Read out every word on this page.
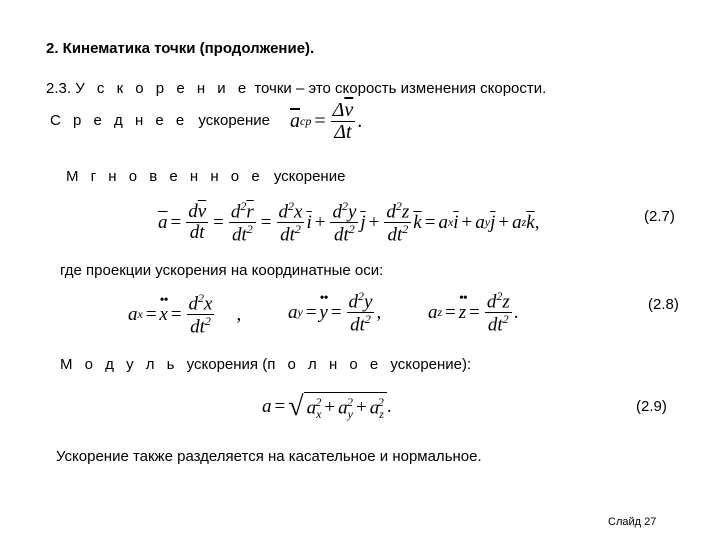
2. Кинематика точки (продолжение).
2.3. У с к о р е н и е точки – это скорость изменения скорости.
С р е д н е е ускорение $\overline{a}$ ср = $\frac{\Delta\overline{v}}{\Delta t}$ .
М г н о в е н н о е ускорение
$\overline{a} = \frac{d\overline{v}}{dt} = \frac{d^2\overline{r}}{dt^2} = \frac{d^2x}{dt^2} \overline{i} + \frac{d^2y}{dt^2} \overline{j} + \frac{d^2z}{dt^2} \overline{k} = a$ x $\overline{i} + a$ y $\overline{j} + a$ z $\overline{k}$ ,	(2.7)
где проекции ускорения на координатные оси:
a x =
••
$x = \frac{d^2x}{dt^2}$ , a y =
••
$y = \frac{d^2y}{dt^2}$ , a z =
••
$z = \frac{d^2z}{dt^2}$ .	(2.8)
М о д у л ь ускорения (п о л н о е ускорение):
a = √ $a_x^2 + a_y^2 + a_z^2$ .	(2.9)
Ускорение также разделяется на касательное и нормальное.
Слайд 27
